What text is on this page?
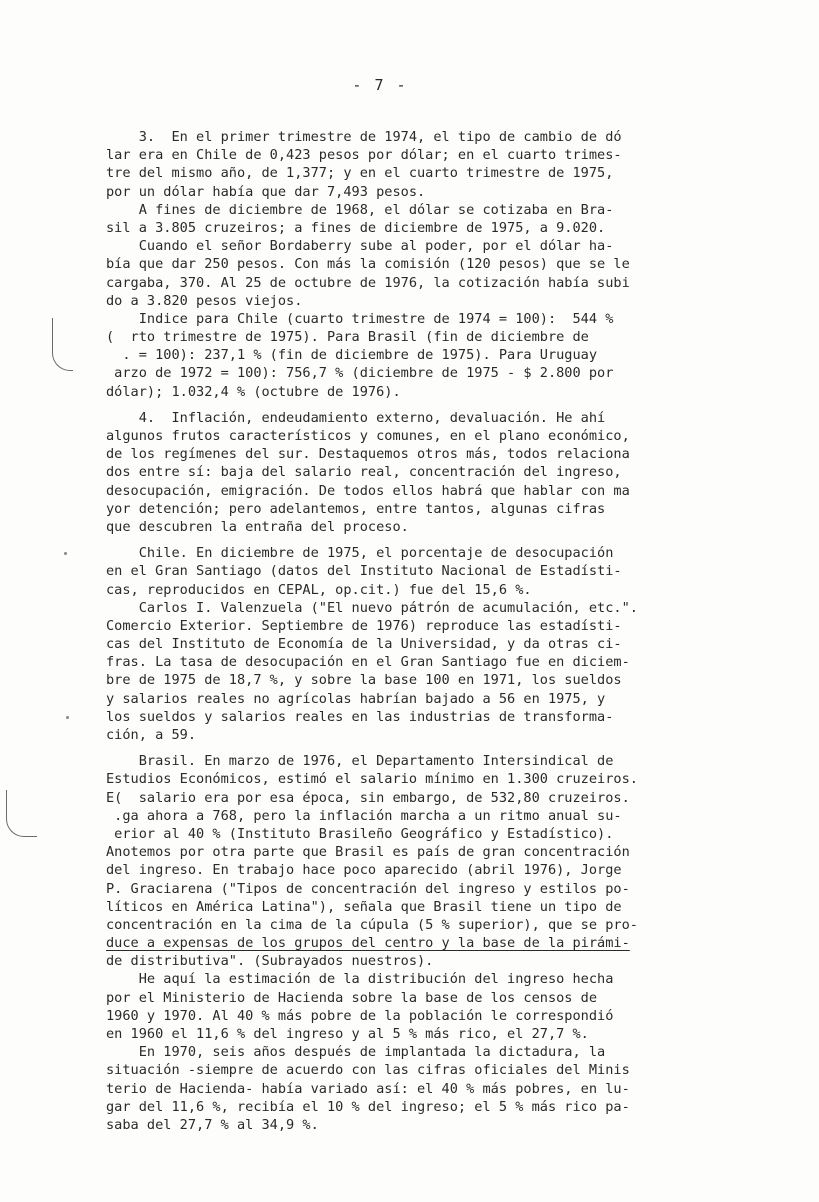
- 7 -
3.  En el primer trimestre de 1974, el tipo de cambio de dó
lar era en Chile de 0,423 pesos por dólar; en el cuarto trimes-
tre del mismo año, de 1,377; y en el cuarto trimestre de 1975,
por un dólar había que dar 7,493 pesos.
A fines de diciembre de 1968, el dólar se cotizaba en Bra-
sil a 3.805 cruzeiros; a fines de diciembre de 1975, a 9.020.
Cuando el señor Bordaberry sube al poder, por el dólar ha-
bía que dar 250 pesos. Con más la comisión (120 pesos) que se le
cargaba, 370. Al 25 de octubre de 1976, la cotización había subi
do a 3.820 pesos viejos.
Indice para Chile (cuarto trimestre de 1974 = 100):  544 %
(  rto trimestre de 1975). Para Brasil (fin de diciembre de
. = 100): 237,1 % (fin de diciembre de 1975). Para Uruguay
arzo de 1972 = 100): 756,7 % (diciembre de 1975 - $ 2.800 por
dólar); 1.032,4 % (octubre de 1976).
4.  Inflación, endeudamiento externo, devaluación. He ahí
algunos frutos característicos y comunes, en el plano económico,
de los regímenes del sur. Destaquemos otros más, todos relaciona
dos entre sí: baja del salario real, concentración del ingreso,
desocupación, emigración. De todos ellos habrá que hablar con ma
yor detención; pero adelantemos, entre tantos, algunas cifras
que descubren la entraña del proceso.
Chile. En diciembre de 1975, el porcentaje de desocupación
en el Gran Santiago (datos del Instituto Nacional de Estadísti-
cas, reproducidos en CEPAL, op.cit.) fue del 15,6 %.
Carlos I. Valenzuela ("El nuevo pátrón de acumulación, etc.".
Comercio Exterior. Septiembre de 1976) reproduce las estadísti-
cas del Instituto de Economía de la Universidad, y da otras ci-
fras. La tasa de desocupación en el Gran Santiago fue en diciem-
bre de 1975 de 18,7 %, y sobre la base 100 en 1971, los sueldos
y salarios reales no agrícolas habrían bajado a 56 en 1975, y
los sueldos y salarios reales en las industrias de transforma-
ción, a 59.
Brasil. En marzo de 1976, el Departamento Intersindical de
Estudios Económicos, estimó el salario mínimo en 1.300 cruzeiros.
E(  salario era por esa época, sin embargo, de 532,80 cruzeiros.
.ga ahora a 768, pero la inflación marcha a un ritmo anual su-
erior al 40 % (Instituto Brasileño Geográfico y Estadístico).
Anotemos por otra parte que Brasil es país de gran concentración
del ingreso. En trabajo hace poco aparecido (abril 1976), Jorge
P. Graciarena ("Tipos de concentración del ingreso y estilos po-
líticos en América Latina"), señala que Brasil tiene un tipo de
concentración en la cima de la cúpula (5 % superior), que se pro-
duce a expensas de los grupos del centro y la base de la pirámi-
de distributiva". (Subrayados nuestros).
He aquí la estimación de la distribución del ingreso hecha
por el Ministerio de Hacienda sobre la base de los censos de
1960 y 1970. Al 40 % más pobre de la población le correspondió
en 1960 el 11,6 % del ingreso y al 5 % más rico, el 27,7 %.
En 1970, seis años después de implantada la dictadura, la
situación -siempre de acuerdo con las cifras oficiales del Minis
terio de Hacienda- había variado así: el 40 % más pobres, en lu-
gar del 11,6 %, recibía el 10 % del ingreso; el 5 % más rico pa-
saba del 27,7 % al 34,9 %.
